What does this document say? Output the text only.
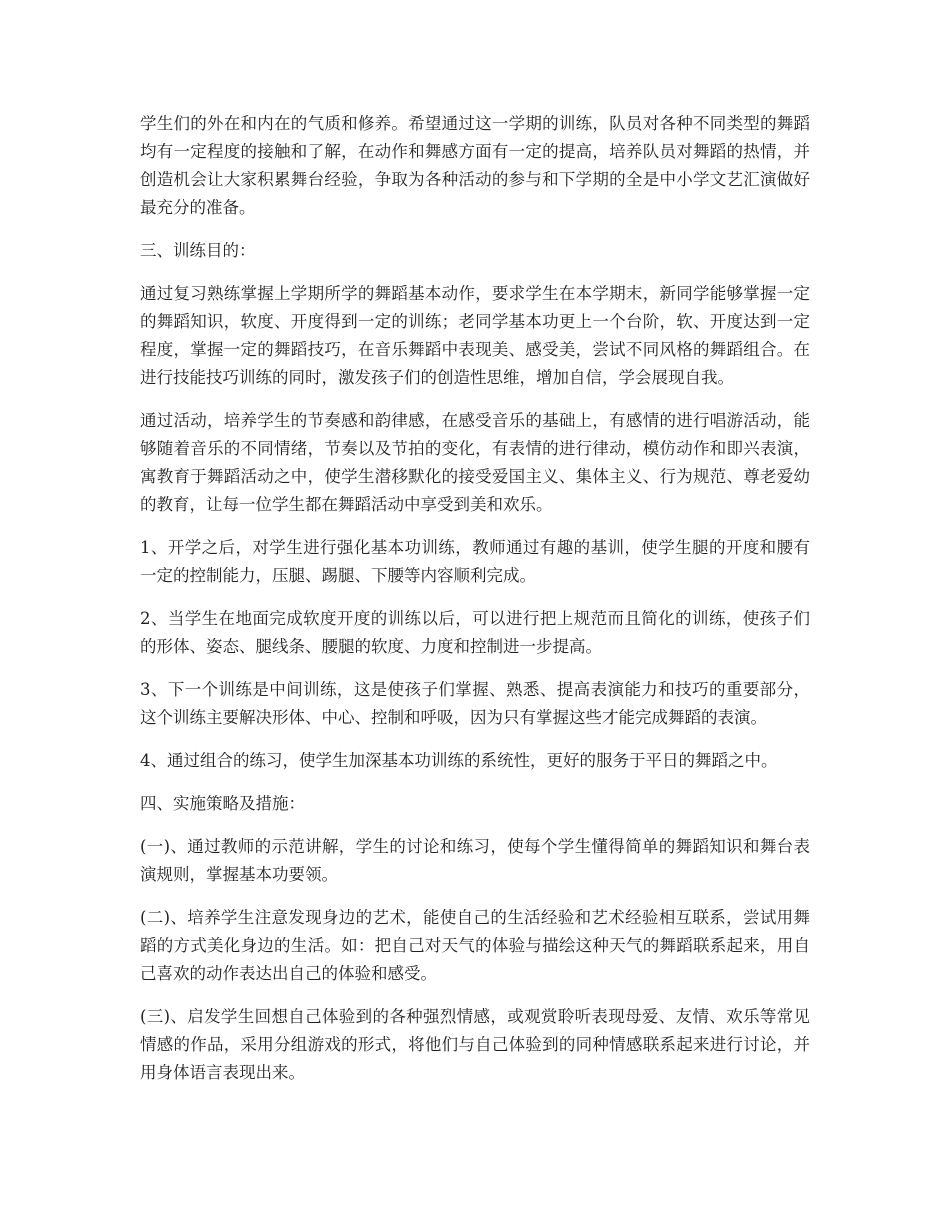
学生们的外在和内在的气质和修养。希望通过这一学期的训练，队员对各种不同类型的舞蹈均有一定程度的接触和了解，在动作和舞感方面有一定的提高，培养队员对舞蹈的热情，并创造机会让大家积累舞台经验，争取为各种活动的参与和下学期的全是中小学文艺汇演做好最充分的准备。

三、训练目的：

通过复习熟练掌握上学期所学的舞蹈基本动作，要求学生在本学期末，新同学能够掌握一定的舞蹈知识，软度、开度得到一定的训练；老同学基本功更上一个台阶，软、开度达到一定程度，掌握一定的舞蹈技巧，在音乐舞蹈中表现美、感受美，尝试不同风格的舞蹈组合。在进行技能技巧训练的同时，激发孩子们的创造性思维，增加自信，学会展现自我。

通过活动，培养学生的节奏感和韵律感，在感受音乐的基础上，有感情的进行唱游活动，能够随着音乐的不同情绪，节奏以及节拍的变化，有表情的进行律动，模仿动作和即兴表演，寓教育于舞蹈活动之中，使学生潜移默化的接受爱国主义、集体主义、行为规范、尊老爱幼的教育，让每一位学生都在舞蹈活动中享受到美和欢乐。

1、开学之后，对学生进行强化基本功训练，教师通过有趣的基训，使学生腿的开度和腰有一定的控制能力，压腿、踢腿、下腰等内容顺利完成。

2、当学生在地面完成软度开度的训练以后，可以进行把上规范而且简化的训练，使孩子们的形体、姿态、腿线条、腰腿的软度、力度和控制进一步提高。

3、下一个训练是中间训练，这是使孩子们掌握、熟悉、提高表演能力和技巧的重要部分，这个训练主要解决形体、中心、控制和呼吸，因为只有掌握这些才能完成舞蹈的表演。

4、通过组合的练习，使学生加深基本功训练的系统性，更好的服务于平日的舞蹈之中。

四、实施策略及措施：

(一)、通过教师的示范讲解，学生的讨论和练习，使每个学生懂得简单的舞蹈知识和舞台表演规则，掌握基本功要领。

(二)、培养学生注意发现身边的艺术，能使自己的生活经验和艺术经验相互联系，尝试用舞蹈的方式美化身边的生活。如：把自己对天气的体验与描绘这种天气的舞蹈联系起来，用自己喜欢的动作表达出自己的体验和感受。

(三)、启发学生回想自己体验到的各种强烈情感，或观赏聆听表现母爱、友情、欢乐等常见情感的作品，采用分组游戏的形式，将他们与自己体验到的同种情感联系起来进行讨论，并用身体语言表现出来。
